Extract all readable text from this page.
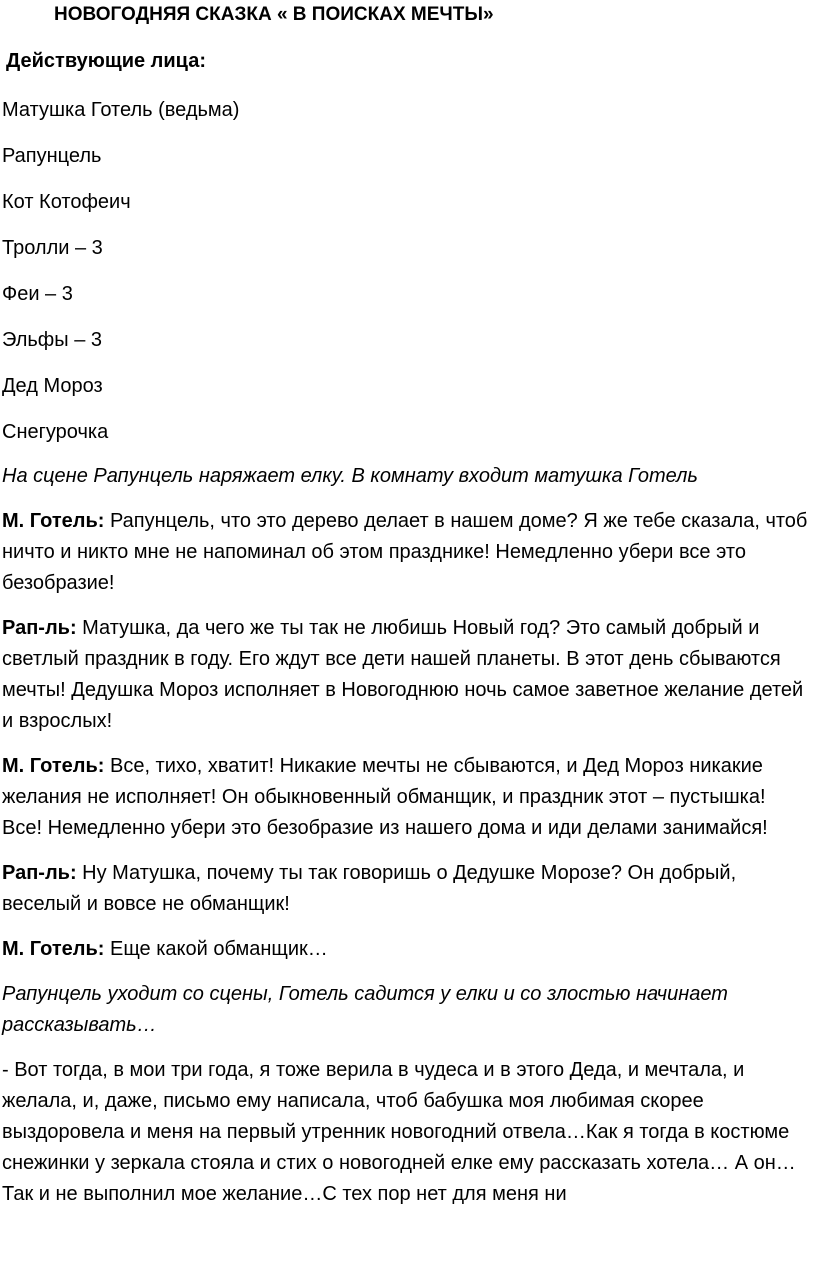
НОВОГОДНЯЯ СКАЗКА « В ПОИСКАХ МЕЧТЫ»
Действующие лица:
Матушка Готель (ведьма)
Рапунцель
Кот Котофеич
Тролли – 3
Феи – 3
Эльфы – 3
Дед Мороз
Снегурочка

На сцене Рапунцель наряжает елку. В комнату входит матушка Готель

М. Готель: Рапунцель, что это дерево делает в нашем доме? Я же тебе сказала, чтоб ничто и никто мне не напоминал об этом празднике! Немедленно убери все это безобразие!

Рап-ль: Матушка, да чего же ты так не любишь Новый год? Это самый добрый и светлый праздник в году. Его ждут все дети нашей планеты. В этот день сбываются мечты! Дедушка Мороз исполняет в Новогоднюю ночь самое заветное желание детей и взрослых!

М. Готель: Все, тихо, хватит! Никакие мечты не сбываются, и Дед Мороз никакие желания не исполняет! Он обыкновенный обманщик, и праздник этот – пустышка! Все! Немедленно убери это безобразие из нашего дома и иди делами занимайся!

Рап-ль: Ну Матушка, почему ты так говоришь о Дедушке Морозе? Он добрый, веселый и вовсе не обманщик!

М. Готель: Еще какой обманщик…

Рапунцель уходит со сцены, Готель садится у елки и со злостью начинает рассказывать…

- Вот тогда, в мои три года, я тоже верила в чудеса и в этого Деда, и мечтала, и желала, и, даже, письмо ему написала, чтоб бабушка моя любимая скорее выздоровела и меня на первый утренник новогодний отвела…Как я тогда в костюме снежинки у зеркала стояла и стих о новогодней елке ему рассказать хотела… А он… Так и не выполнил мое желание…С тех пор нет для меня ни
